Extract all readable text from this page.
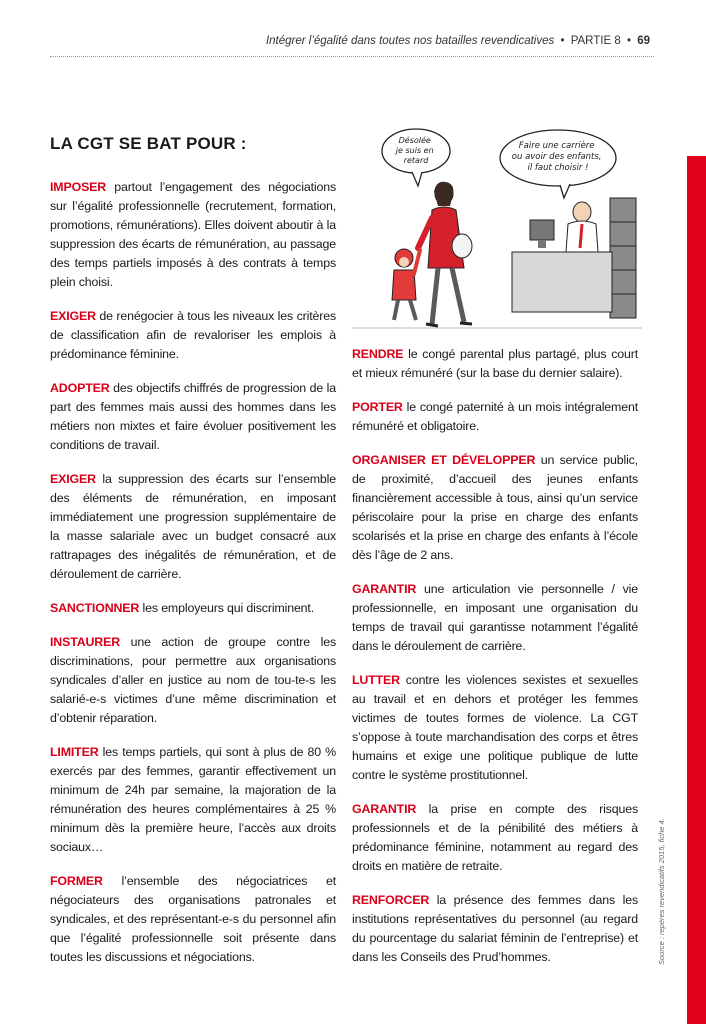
Intégrer l’égalité dans toutes nos batailles revendicatives • PARTIE 8 • 69
LA CGT SE BAT POUR :	Désolée je suis en retard
Faire une carrière ou avoir des enfants, il faut choisir !

IMPOSER partout l’engagement des négociations sur l’égalité professionnelle (recrutement, formation, promotions, rémunérations). Elles doivent aboutir à la suppression des écarts de rémunération, au passage des temps partiels imposés à des contrats à temps plein choisi.

EXIGER de renégocier à tous les niveaux les critères de classification afin de revaloriser les emplois à prédominance féminine.

ADOPTER des objectifs chiffrés de progression de la part des femmes mais aussi des hommes dans les métiers non mixtes et faire évoluer positivement les conditions de travail.

EXIGER la suppression des écarts sur l’ensemble des éléments de rémunération, en imposant immédiatement une progression supplémentaire de la masse salariale avec un budget consacré aux rattrapages des inégalités de rémunération, et de déroulement de carrière.

SANCTIONNER les employeurs qui discriminent.

INSTAURER une action de groupe contre les discriminations, pour permettre aux organisations syndicales d’aller en justice au nom de tou-te-s les salarié-e-s victimes d’une même discrimination et d’obtenir réparation.

LIMITER les temps partiels, qui sont à plus de 80 % exercés par des femmes, garantir effectivement un minimum de 24h par semaine, la majoration de la rémunération des heures complémentaires à 25 % minimum dès la première heure, l’accès aux droits sociaux…

FORMER l’ensemble des négociatrices et négociateurs des organisations patronales et syndicales, et des représentant-e-s du personnel afin que l’égalité professionnelle soit présente dans toutes les discussions et négociations.

RENDRE le congé parental plus partagé, plus court et mieux rémunéré (sur la base du dernier salaire).

PORTER le congé paternité à un mois intégralement rémunéré et obligatoire.

ORGANISER ET DÉVELOPPER un service public, de proximité, d’accueil des jeunes enfants financièrement accessible à tous, ainsi qu’un service périscolaire pour la prise en charge des enfants scolarisés et la prise en charge des enfants à l’école dès l’âge de 2 ans.

GARANTIR une articulation vie personnelle / vie professionnelle, en imposant une organisation du temps de travail qui garantisse notamment l’égalité dans le déroulement de carrière.

LUTTER contre les violences sexistes et sexuelles au travail et en dehors et protéger les femmes victimes de toutes formes de violence. La CGT s’oppose à toute marchandisation des corps et êtres humains et exige une politique publique de lutte contre le système prostitutionnel.

GARANTIR la prise en compte des risques professionnels et de la pénibilité des métiers à prédominance féminine, notamment au regard des droits en matière de retraite.

RENFORCER la présence des femmes dans les institutions représentatives du personnel (au regard du pourcentage du salariat féminin de l’entreprise) et dans les Conseils des Prud’hommes.	Source : repères revendicatifs 2015, fiche 4.
